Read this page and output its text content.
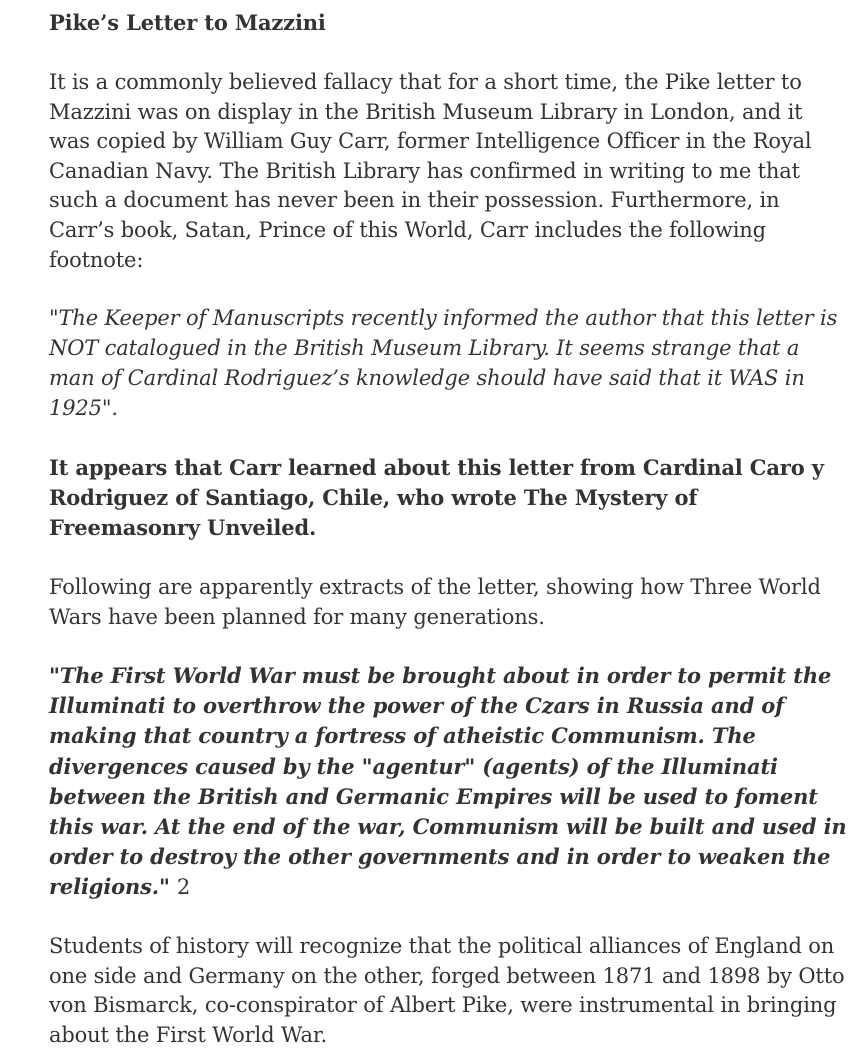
Pike’s Letter to Mazzini

It is a commonly believed fallacy that for a short time, the Pike letter to Mazzini was on display in the British Museum Library in London, and it was copied by William Guy Carr, former Intelligence Officer in the Royal Canadian Navy. The British Library has confirmed in writing to me that such a document has never been in their possession. Furthermore, in Carr’s book, Satan, Prince of this World, Carr includes the following footnote:

"The Keeper of Manuscripts recently informed the author that this letter is NOT catalogued in the British Museum Library. It seems strange that a man of Cardinal Rodriguez’s knowledge should have said that it WAS in 1925".

It appears that Carr learned about this letter from Cardinal Caro y Rodriguez of Santiago, Chile, who wrote The Mystery of Freemasonry Unveiled.

Following are apparently extracts of the letter, showing how Three World Wars have been planned for many generations.

"The First World War must be brought about in order to permit the Illuminati to overthrow the power of the Czars in Russia and of making that country a fortress of atheistic Communism. The divergences caused by the "agentur" (agents) of the Illuminati between the British and Germanic Empires will be used to foment this war. At the end of the war, Communism will be built and used in order to destroy the other governments and in order to weaken the religions." 2

Students of history will recognize that the political alliances of England on one side and Germany on the other, forged between 1871 and 1898 by Otto von Bismarck, co-conspirator of Albert Pike, were instrumental in bringing about the First World War.
